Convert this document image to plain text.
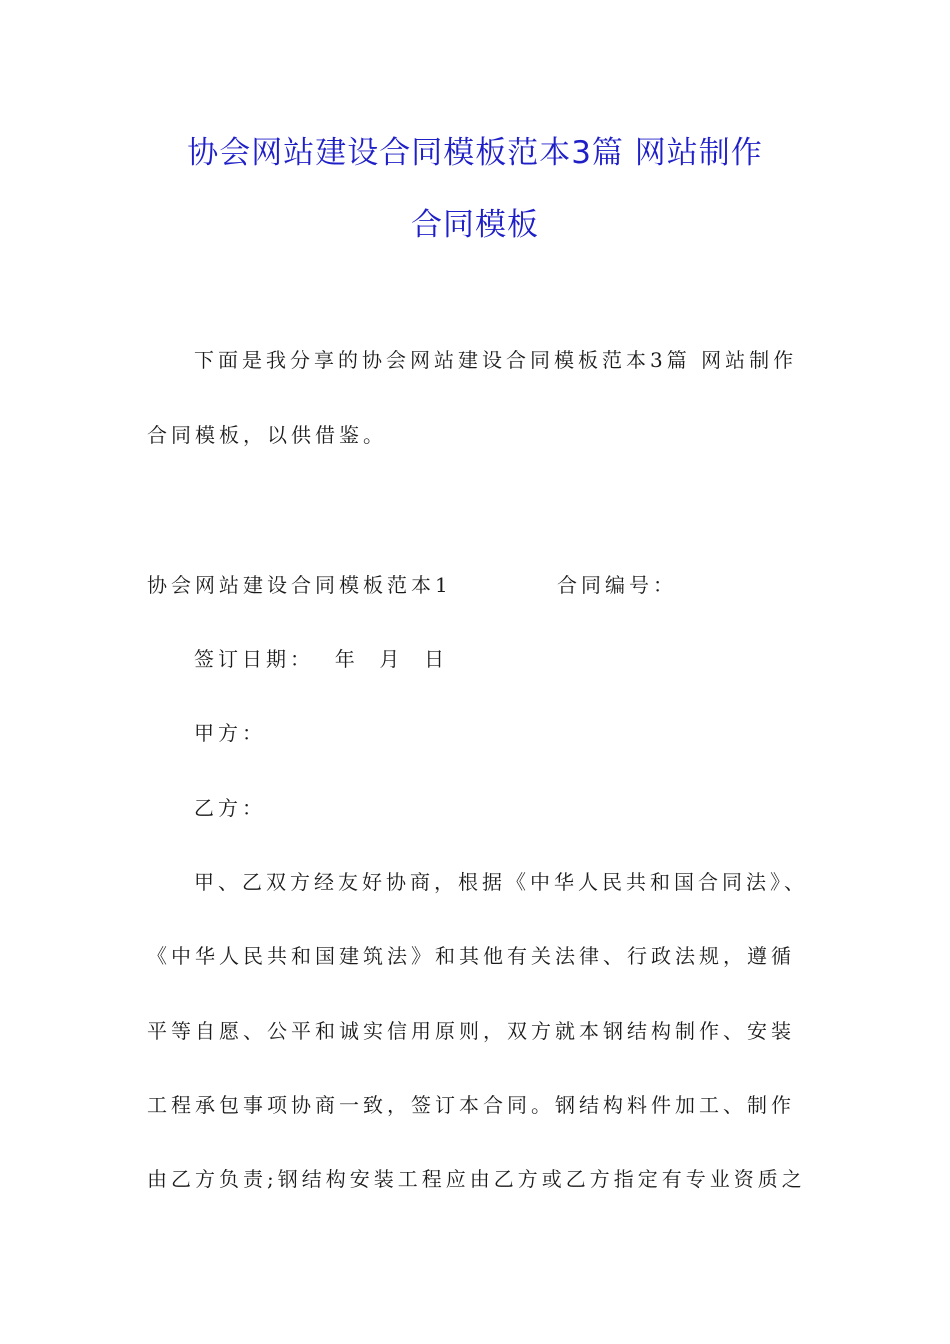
协会网站建设合同模板范本3篇 网站制作
合同模板

下面是我分享的协会网站建设合同模板范本3篇 网站制作

合同模板，以供借鉴。

协会网站建设合同模板范本1	合同编号：

签订日期：  年  月  日

甲方：

乙方：

甲、乙双方经友好协商，根据《中华人民共和国合同法》、

《中华人民共和国建筑法》和其他有关法律、行政法规，遵循

平等自愿、公平和诚实信用原则，双方就本钢结构制作、安装

工程承包事项协商一致，签订本合同。钢结构料件加工、制作

由乙方负责;钢结构安装工程应由乙方或乙方指定有专业资质之
